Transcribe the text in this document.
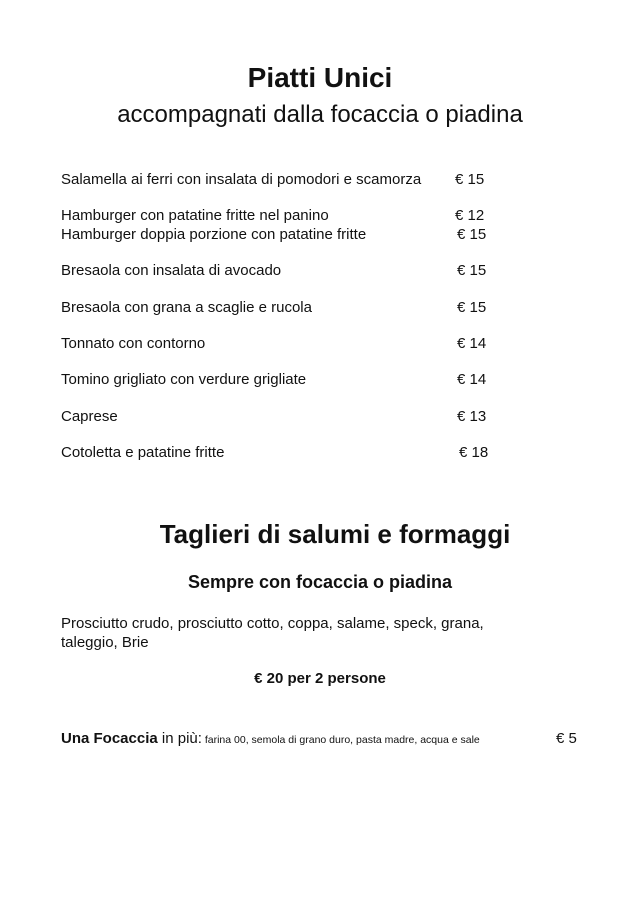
Piatti Unici
accompagnati dalla focaccia o piadina
Salamella ai ferri con insalata di pomodori e scamorza € 15
Hamburger con patatine fritte nel panino	€ 12
Hamburger doppia porzione con patatine fritte	€ 15
Bresaola con insalata di avocado	€ 15
Bresaola con grana a scaglie e rucola	€ 15
Tonnato con contorno	€ 14
Tomino grigliato con verdure grigliate	€ 14
Caprese	€ 13
Cotoletta e patatine fritte	€ 18
Taglieri di salumi e formaggi
Sempre con focaccia o piadina
Prosciutto crudo, prosciutto cotto, coppa, salame, speck, grana,
taleggio, Brie
€ 20 per 2 persone
Una Focaccia in più: farina 00, semola di grano duro, pasta madre, acqua e sale	€ 5
